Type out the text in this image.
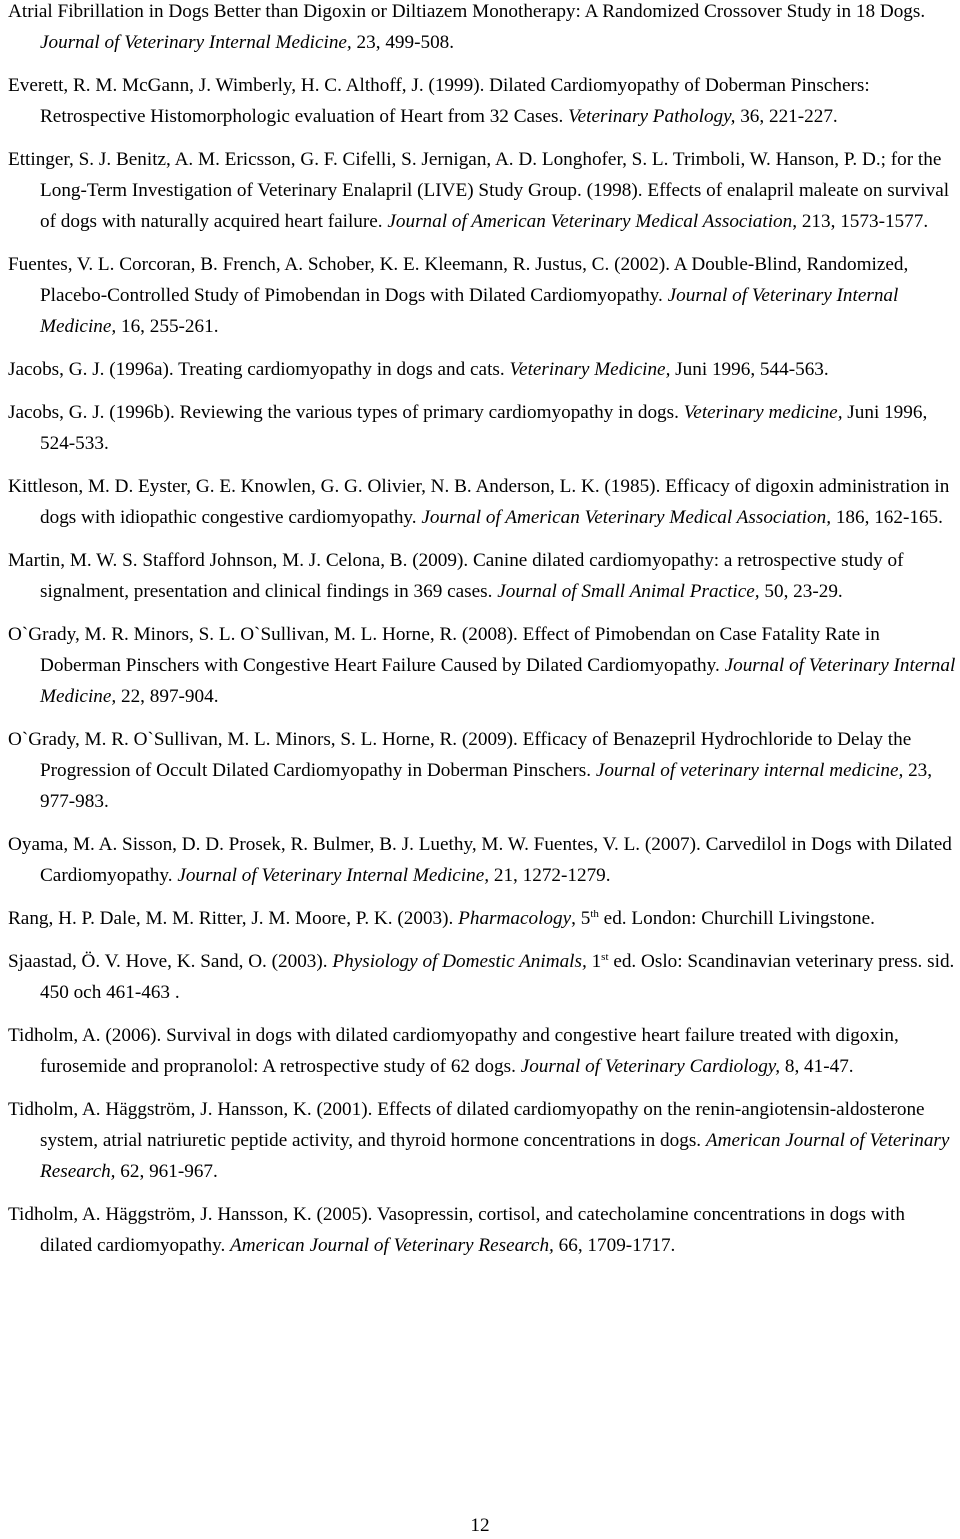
Atrial Fibrillation in Dogs Better than Digoxin or Diltiazem Monotherapy: A Randomized Crossover Study in 18 Dogs. Journal of Veterinary Internal Medicine, 23, 499-508.

Everett, R. M. McGann, J. Wimberly, H. C. Althoff, J. (1999). Dilated Cardiomyopathy of Doberman Pinschers: Retrospective Histomorphologic evaluation of Heart from 32 Cases. Veterinary Pathology, 36, 221-227.

Ettinger, S. J. Benitz, A. M. Ericsson, G. F. Cifelli, S. Jernigan, A. D. Longhofer, S. L. Trimboli, W. Hanson, P. D.; for the Long-Term Investigation of Veterinary Enalapril (LIVE) Study Group. (1998). Effects of enalapril maleate on survival of dogs with naturally acquired heart failure. Journal of American Veterinary Medical Association, 213, 1573-1577.

Fuentes, V. L. Corcoran, B. French, A. Schober, K. E. Kleemann, R. Justus, C. (2002). A Double-Blind, Randomized, Placebo-Controlled Study of Pimobendan in Dogs with Dilated Cardiomyopathy. Journal of Veterinary Internal Medicine, 16, 255-261.

Jacobs, G. J. (1996a). Treating cardiomyopathy in dogs and cats. Veterinary Medicine, Juni 1996, 544-563.

Jacobs, G. J. (1996b). Reviewing the various types of primary cardiomyopathy in dogs. Veterinary medicine, Juni 1996, 524-533.

Kittleson, M. D. Eyster, G. E. Knowlen, G. G. Olivier, N. B. Anderson, L. K. (1985). Efficacy of digoxin administration in dogs with idiopathic congestive cardiomyopathy. Journal of American Veterinary Medical Association, 186, 162-165.

Martin, M. W. S. Stafford Johnson, M. J. Celona, B. (2009). Canine dilated cardiomyopathy: a retrospective study of signalment, presentation and clinical findings in 369 cases. Journal of Small Animal Practice, 50, 23-29.

O`Grady, M. R. Minors, S. L. O`Sullivan, M. L. Horne, R. (2008). Effect of Pimobendan on Case Fatality Rate in Doberman Pinschers with Congestive Heart Failure Caused by Dilated Cardiomyopathy. Journal of Veterinary Internal Medicine, 22, 897-904.

O`Grady, M. R. O`Sullivan, M. L. Minors, S. L. Horne, R. (2009). Efficacy of Benazepril Hydrochloride to Delay the Progression of Occult Dilated Cardiomyopathy in Doberman Pinschers. Journal of veterinary internal medicine, 23, 977-983.

Oyama, M. A. Sisson, D. D. Prosek, R. Bulmer, B. J. Luethy, M. W. Fuentes, V. L. (2007). Carvedilol in Dogs with Dilated Cardiomyopathy. Journal of Veterinary Internal Medicine, 21, 1272-1279.

Rang, H. P. Dale, M. M. Ritter, J. M. Moore, P. K. (2003). Pharmacology, 5th ed. London: Churchill Livingstone.

Sjaastad, Ö. V. Hove, K. Sand, O. (2003). Physiology of Domestic Animals, 1st ed. Oslo: Scandinavian veterinary press. sid. 450 och 461-463 .

Tidholm, A. (2006). Survival in dogs with dilated cardiomyopathy and congestive heart failure treated with digoxin, furosemide and propranolol: A retrospective study of 62 dogs. Journal of Veterinary Cardiology, 8, 41-47.

Tidholm, A. Häggström, J. Hansson, K. (2001). Effects of dilated cardiomyopathy on the renin-angiotensin-aldosterone system, atrial natriuretic peptide activity, and thyroid hormone concentrations in dogs. American Journal of Veterinary Research, 62, 961-967.

Tidholm, A. Häggström, J. Hansson, K. (2005). Vasopressin, cortisol, and catecholamine concentrations in dogs with dilated cardiomyopathy. American Journal of Veterinary Research, 66, 1709-1717.

12
